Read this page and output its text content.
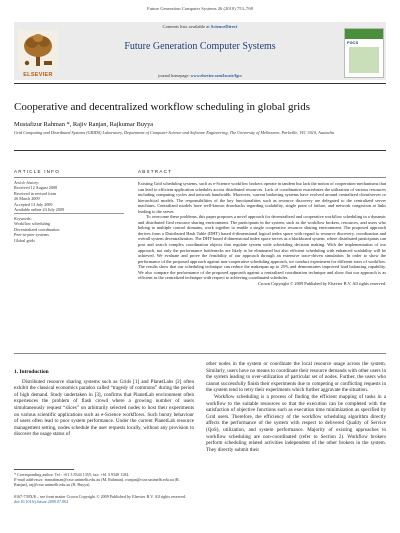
Future Generation Computer Systems 26 (2010) 753–768
Contents lists available at ScienceDirect
ELSEVIER
Future Generation Computer Systems
journal homepage: www.elsevier.com/locate/fgcs
FGCS
Cooperative and decentralized workflow scheduling in global grids
Mustafizur Rahman *, Rajiv Ranjan, Rajkumar Buyya
Grid Computing and Distributed Systems (GRIDS) Laboratory, Department of Computer Science and Software Engineering, The University of Melbourne, Parkville, VIC 3010, Australia
ARTICLE INFO	ABSTRACT
Article history:
Received 12 August 2008
Received in revised form
26 March 2009
Accepted 13 July 2009
Available online 24 July 2009
Keywords:
Workflow scheduling
Decentralized coordination
Peer-to-peer systems
Global grids

Existing Grid scheduling systems, such as e-Science workflow brokers operate in tandem but lack the notion of cooperation mechanisms that can lead to efficient application schedules across distributed resources. Lack of coordination exacerbates the utilization of various resources including computing cycles and network bandwidth. Moreover, current brokering systems have evolved around centralized client/server or hierarchical models. The responsibilities of the key functionalities such as resource discovery are delegated to the centralized server machines. Centralized models have well-known drawbacks regarding scalability, single point of failure, and network congestion at links leading to the server.

To overcome these problems, this paper proposes a novel approach for decentralized and cooperative workflow scheduling in a dynamic and distributed Grid resource sharing environment. The participants in the system, such as the workflow brokers, resources, and users who belong to multiple control domains, work together to enable a single cooperative resource sharing environment. The proposed approach derives from a Distributed Hash Table (DHT) based d-dimensional logical index space with regard to resource discovery, coordination and overall system decentralization. The DHT-based d-dimensional index space serves as a blackboard system, where distributed participants can post and search complex coordination objects that regulate system wide scheduling decision making. With the implementation of our approach, not only the performance bottlenecks are likely to be eliminated but also efficient scheduling with enhanced scalability will be achieved. We evaluate and prove the feasibility of our approach through an extensive trace-driven simulation. In order to show the performance of the proposed approach against non-cooperative scheduling approach, we conduct experiment for different sizes of workflow. The results show that our scheduling technique can reduce the makespan up to 25% and demonstrates improved load balancing capability. We also compare the performance of the proposed approach against a centralized coordination technique and show that our approach is as efficient as the centralized technique with respect to achieving coordinated schedules.

Crown Copyright © 2009 Published by Elsevier B.V. All rights reserved.
1. Introduction

Distributed resource sharing systems such as Grids [1] and PlanetLabs [2] often exhibit the classical economics paradox called “tragedy of commons” during the period of high demand. Study undertaken in [3], confirms that PlanetLab environment often experiences the problem of flash crowd where a growing number of users simultaneously request “slices” on arbitrarily selected nodes to host their experiments on various scientific applications such as e-Science workflows. Such bursty behaviour of users often lead to poor system performance. Under the current PlanetLab resource management setting, nodes schedule the user requests locally, without any provision to discover the usage status of

other nodes in the system or coordinate the local resource usage across the system. Similarly, users have no means to coordinate their resource demands with other users in the system leading to over-utilization of particular set of nodes. Further, the users who cannot successfully finish their experiments due to competing or conflicting requests in the system tend to retry their experiments which further aggravate the situation.

Workflow scheduling is a process of finding the efficient mapping of tasks in a workflow to the suitable resources so that the execution can be completed with the satisfaction of objective functions such as execution time minimization as specified by Grid users. Therefore, the efficiency of the workflow scheduling algorithm directly affects the performance of the system with respect to delivered Quality of Service (QoS), utilization, and system performance. Majority of existing approaches to workflow scheduling are non-coordinated (refer to Section 2). Workflow brokers perform scheduling related activities independent of the other brokers in the system. They directly submit their

* Corresponding author. Tel.: +61 3 8344 1355; fax: +61 3 9348 1184.
E-mail addresses: mmrahman@csse.unimelb.edu.au (M. Rahman), rranjan@csse.unimelb.edu.au (R. Ranjan), raj@csse.unimelb.edu.au (R. Buyya).
0167-739X/$ – see front matter Crown Copyright © 2009 Published by Elsevier B.V. All rights reserved.
doi:10.1016/j.future.2009.07.002
